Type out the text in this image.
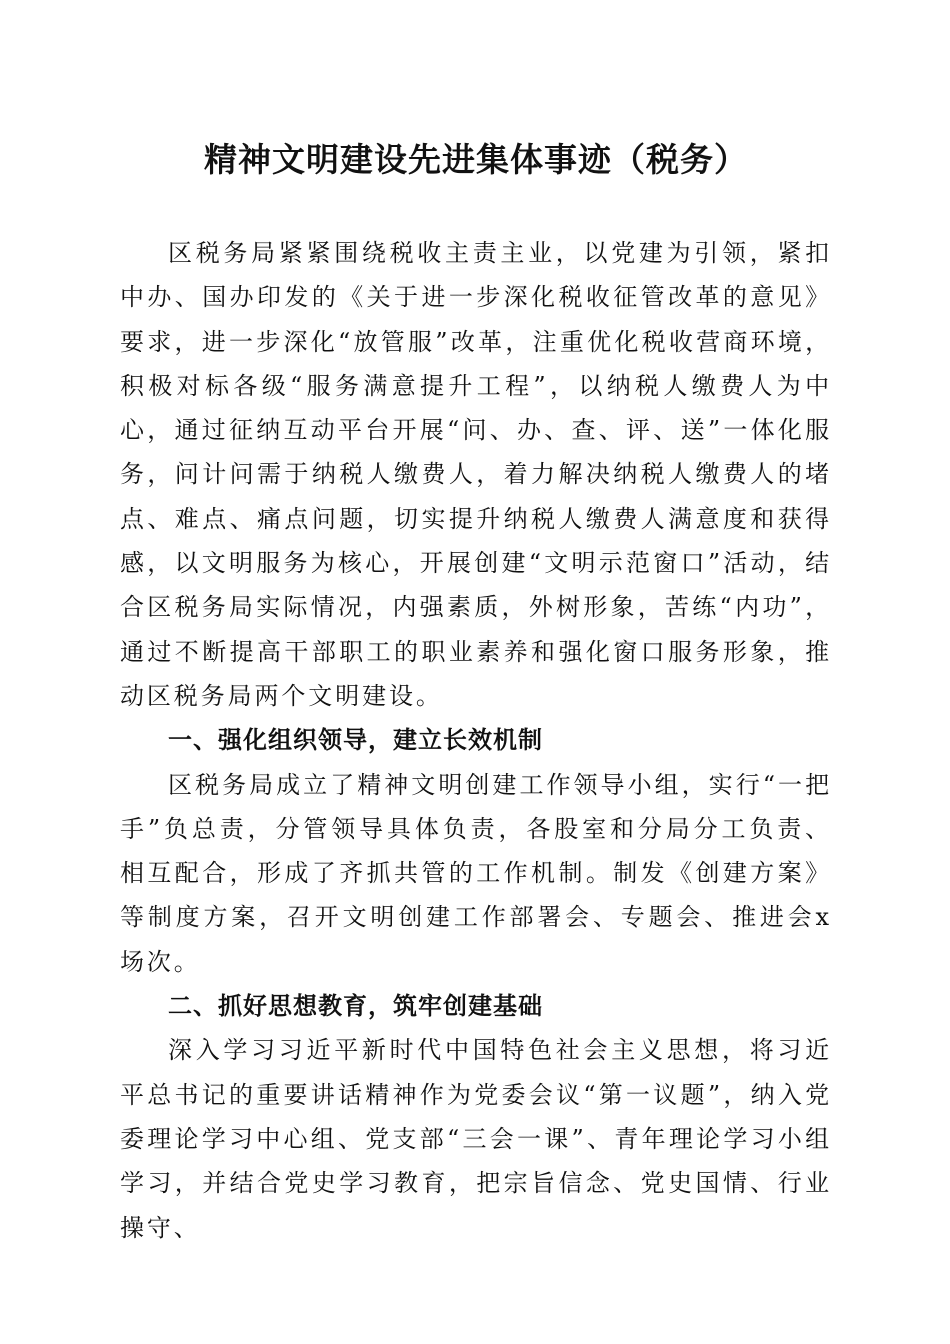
精神文明建设先进集体事迹（税务）

区税务局紧紧围绕税收主责主业，以党建为引领，紧扣中办、国办印发的《关于进一步深化税收征管改革的意见》要求，进一步深化“放管服”改革，注重优化税收营商环境，积极对标各级“服务满意提升工程”，以纳税人缴费人为中心，通过征纳互动平台开展“问、办、查、评、送”一体化服务，问计问需于纳税人缴费人，着力解决纳税人缴费人的堵点、难点、痛点问题，切实提升纳税人缴费人满意度和获得感，以文明服务为核心，开展创建“文明示范窗口”活动，结合区税务局实际情况，内强素质，外树形象，苦练“内功”，通过不断提高干部职工的职业素养和强化窗口服务形象，推动区税务局两个文明建设。

一、强化组织领导，建立长效机制

区税务局成立了精神文明创建工作领导小组，实行“一把手”负总责，分管领导具体负责，各股室和分局分工负责、相互配合，形成了齐抓共管的工作机制。制发《创建方案》等制度方案，召开文明创建工作部署会、专题会、推进会x场次。

二、抓好思想教育，筑牢创建基础

深入学习习近平新时代中国特色社会主义思想，将习近平总书记的重要讲话精神作为党委会议“第一议题”，纳入党委理论学习中心组、党支部“三会一课”、青年理论学习小组学习，并结合党史学习教育，把宗旨信念、党史国情、行业操守、
